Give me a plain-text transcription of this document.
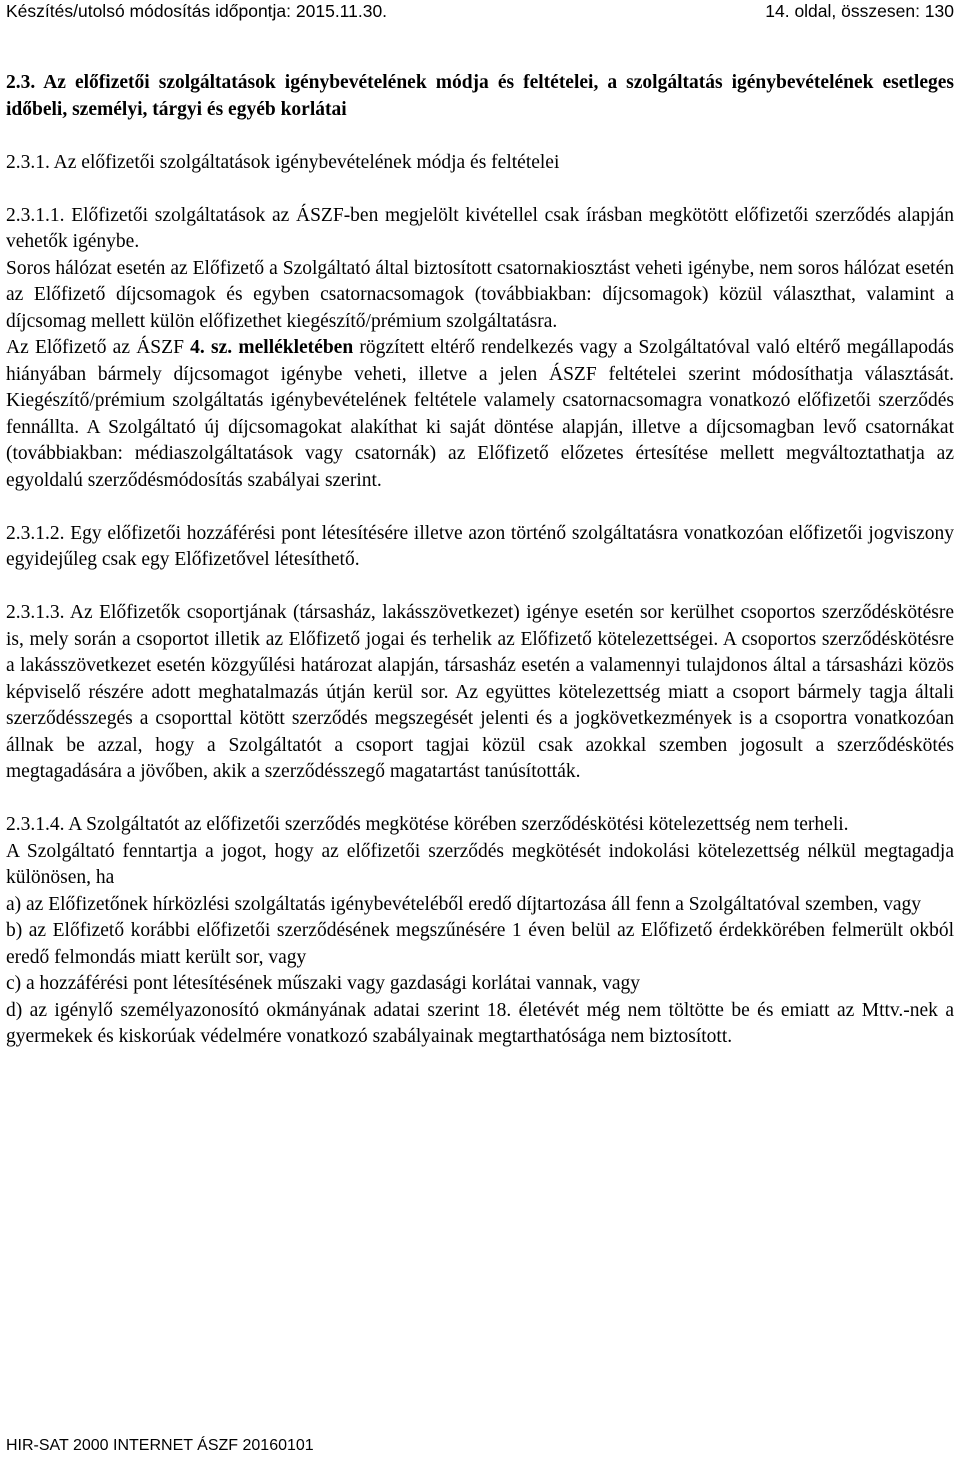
Készítés/utolsó módosítás időpontja: 2015.11.30.	14. oldal, összesen: 130

2.3. Az előfizetői szolgáltatások igénybevételének módja és feltételei, a szolgáltatás igénybevételének esetleges időbeli, személyi, tárgyi és egyéb korlátai

2.3.1. Az előfizetői szolgáltatások igénybevételének módja és feltételei

2.3.1.1. Előfizetői szolgáltatások az ÁSZF-ben megjelölt kivétellel csak írásban megkötött előfizetői szerződés alapján vehetők igénybe.

Soros hálózat esetén az Előfizető a Szolgáltató által biztosított csatornakiosztást veheti igénybe, nem soros hálózat esetén az Előfizető díjcsomagok és egyben csatornacsomagok (továbbiakban: díjcsomagok) közül választhat, valamint a díjcsomag mellett külön előfizethet kiegészítő/prémium szolgáltatásra.

Az Előfizető az ÁSZF 4. sz. mellékletében rögzített eltérő rendelkezés vagy a Szolgáltatóval való eltérő megállapodás hiányában bármely díjcsomagot igénybe veheti, illetve a jelen ÁSZF feltételei szerint módosíthatja választását. Kiegészítő/prémium szolgáltatás igénybevételének feltétele valamely csatornacsomagra vonatkozó előfizetői szerződés fennállta. A Szolgáltató új díjcsomagokat alakíthat ki saját döntése alapján, illetve a díjcsomagban levő csatornákat (továbbiakban: médiaszolgáltatások vagy csatornák) az Előfizető előzetes értesítése mellett megváltoztathatja az egyoldalú szerződésmódosítás szabályai szerint.

2.3.1.2. Egy előfizetői hozzáférési pont létesítésére illetve azon történő szolgáltatásra vonatkozóan előfizetői jogviszony egyidejűleg csak egy Előfizetővel létesíthető.

2.3.1.3. Az Előfizetők csoportjának (társasház, lakásszövetkezet) igénye esetén sor kerülhet csoportos szerződéskötésre is, mely során a csoportot illetik az Előfizető jogai és terhelik az Előfizető kötelezettségei. A csoportos szerződéskötésre a lakásszövetkezet esetén közgyűlési határozat alapján, társasház esetén a valamennyi tulajdonos által a társasházi közös képviselő részére adott meghatalmazás útján kerül sor. Az együttes kötelezettség miatt a csoport bármely tagja általi szerződésszegés a csoporttal kötött szerződés megszegését jelenti és a jogkövetkezmények is a csoportra vonatkozóan állnak be azzal, hogy a Szolgáltatót a csoport tagjai közül csak azokkal szemben jogosult a szerződéskötés megtagadására a jövőben, akik a szerződésszegő magatartást tanúsították.

2.3.1.4. A Szolgáltatót az előfizetői szerződés megkötése körében szerződéskötési kötelezettség nem terheli.

A Szolgáltató fenntartja a jogot, hogy az előfizetői szerződés megkötését indokolási kötelezettség nélkül megtagadja különösen, ha

a) az Előfizetőnek hírközlési szolgáltatás igénybevételéből eredő díjtartozása áll fenn a Szolgáltatóval szemben, vagy

b) az Előfizető korábbi előfizetői szerződésének megszűnésére 1 éven belül az Előfizető érdekkörében felmerült okból eredő felmondás miatt került sor, vagy

c) a hozzáférési pont létesítésének műszaki vagy gazdasági korlátai vannak, vagy

d) az igénylő személyazonosító okmányának adatai szerint 18. életévét még nem töltötte be és emiatt az Mttv.-nek a gyermekek és kiskorúak védelmére vonatkozó szabályainak megtarthatósága nem biztosított.

HIR-SAT 2000 INTERNET ÁSZF 20160101
